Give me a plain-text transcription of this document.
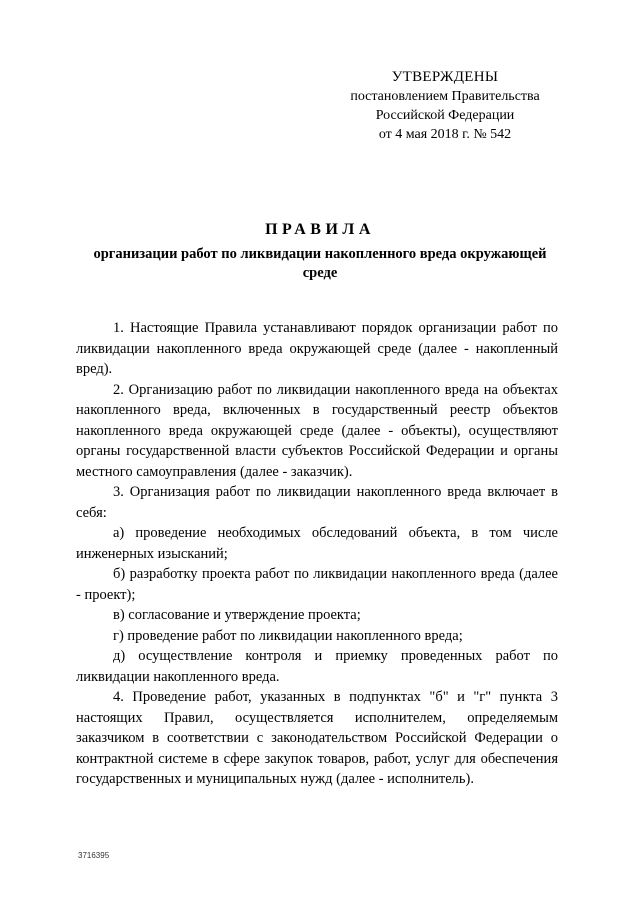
УТВЕРЖДЕНЫ
постановлением Правительства
Российской Федерации
от 4 мая 2018 г. № 542
ПРАВИЛА
организации работ по ликвидации накопленного вреда окружающей среде

1. Настоящие Правила устанавливают порядок организации работ по ликвидации накопленного вреда окружающей среде (далее - накопленный вред).

2. Организацию работ по ликвидации накопленного вреда на объектах накопленного вреда, включенных в государственный реестр объектов накопленного вреда окружающей среде (далее - объекты), осуществляют органы государственной власти субъектов Российской Федерации и органы местного самоуправления (далее - заказчик).

3. Организация работ по ликвидации накопленного вреда включает в себя:

а) проведение необходимых обследований объекта, в том числе инженерных изысканий;

б) разработку проекта работ по ликвидации накопленного вреда (далее - проект);

в) согласование и утверждение проекта;

г) проведение работ по ликвидации накопленного вреда;

д) осуществление контроля и приемку проведенных работ по ликвидации накопленного вреда.

4. Проведение работ, указанных в подпунктах "б" и "г" пункта 3 настоящих Правил, осуществляется исполнителем, определяемым заказчиком в соответствии с законодательством Российской Федерации о контрактной системе в сфере закупок товаров, работ, услуг для обеспечения государственных и муниципальных нужд (далее - исполнитель).

3716395
